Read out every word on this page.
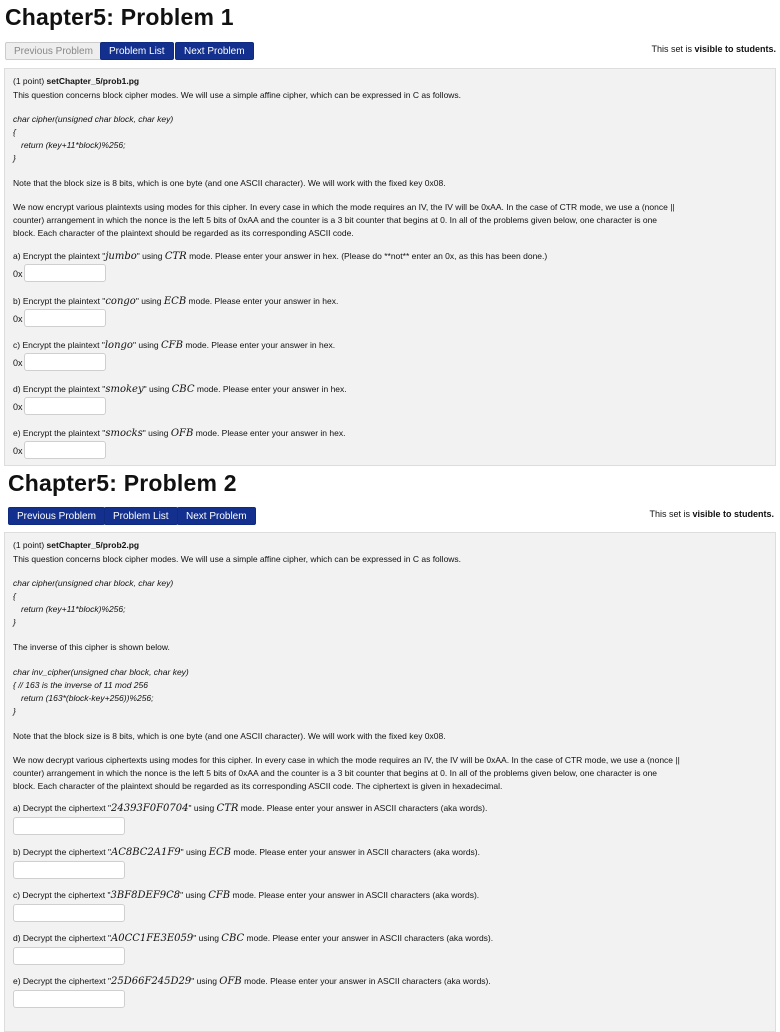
Chapter5: Problem 1
Previous Problem	Problem List	Next Problem	This set is visible to students.
(1 point) setChapter_5/prob1.pg
This question concerns block cipher modes. We will use a simple affine cipher, which can be expressed in C as follows.
char cipher(unsigned char block, char key)
{
return (key+11*block)%256;
}
Note that the block size is 8 bits, which is one byte (and one ASCII character). We will work with the fixed key 0x08.
We now encrypt various plaintexts using modes for this cipher. In every case in which the mode requires an IV, the IV will be 0xAA. In the case of CTR mode, we use a (nonce ||
counter) arrangement in which the nonce is the left 5 bits of 0xAA and the counter is a 3 bit counter that begins at 0. In all of the problems given below, one character is one
block. Each character of the plaintext should be regarded as its corresponding ASCII code.
a) Encrypt the plaintext "jumbo" using CTR mode. Please enter your answer in hex. (Please do **not** enter an 0x, as this has been done.)
0x
b) Encrypt the plaintext "congo" using ECB mode. Please enter your answer in hex.
0x
c) Encrypt the plaintext "longo" using CFB mode. Please enter your answer in hex.
0x
d) Encrypt the plaintext "smokey" using CBC mode. Please enter your answer in hex.
0x
e) Encrypt the plaintext "smocks" using OFB mode. Please enter your answer in hex.
0x
Chapter5: Problem 2
Previous Problem	Problem List	Next Problem	This set is visible to students.
(1 point) setChapter_5/prob2.pg
This question concerns block cipher modes. We will use a simple affine cipher, which can be expressed in C as follows.
char cipher(unsigned char block, char key)
{
return (key+11*block)%256;
}
The inverse of this cipher is shown below.
char inv_cipher(unsigned char block, char key)
{ // 163 is the inverse of 11 mod 256
return (163*(block-key+256))%256;
}
Note that the block size is 8 bits, which is one byte (and one ASCII character). We will work with the fixed key 0x08.
We now decrypt various ciphertexts using modes for this cipher. In every case in which the mode requires an IV, the IV will be 0xAA. In the case of CTR mode, we use a (nonce ||
counter) arrangement in which the nonce is the left 5 bits of 0xAA and the counter is a 3 bit counter that begins at 0. In all of the problems given below, one character is one
block. Each character of the plaintext should be regarded as its corresponding ASCII code. The ciphertext is given in hexadecimal.
a) Decrypt the ciphertext "24393F0F0704" using CTR mode. Please enter your answer in ASCII characters (aka words).
b) Decrypt the ciphertext "AC8BC2A1F9" using ECB mode. Please enter your answer in ASCII characters (aka words).
c) Decrypt the ciphertext "3BF8DEF9C8" using CFB mode. Please enter your answer in ASCII characters (aka words).
d) Decrypt the ciphertext "A0CC1FE3E059" using CBC mode. Please enter your answer in ASCII characters (aka words).
e) Decrypt the ciphertext "25D66F245D29" using OFB mode. Please enter your answer in ASCII characters (aka words).
